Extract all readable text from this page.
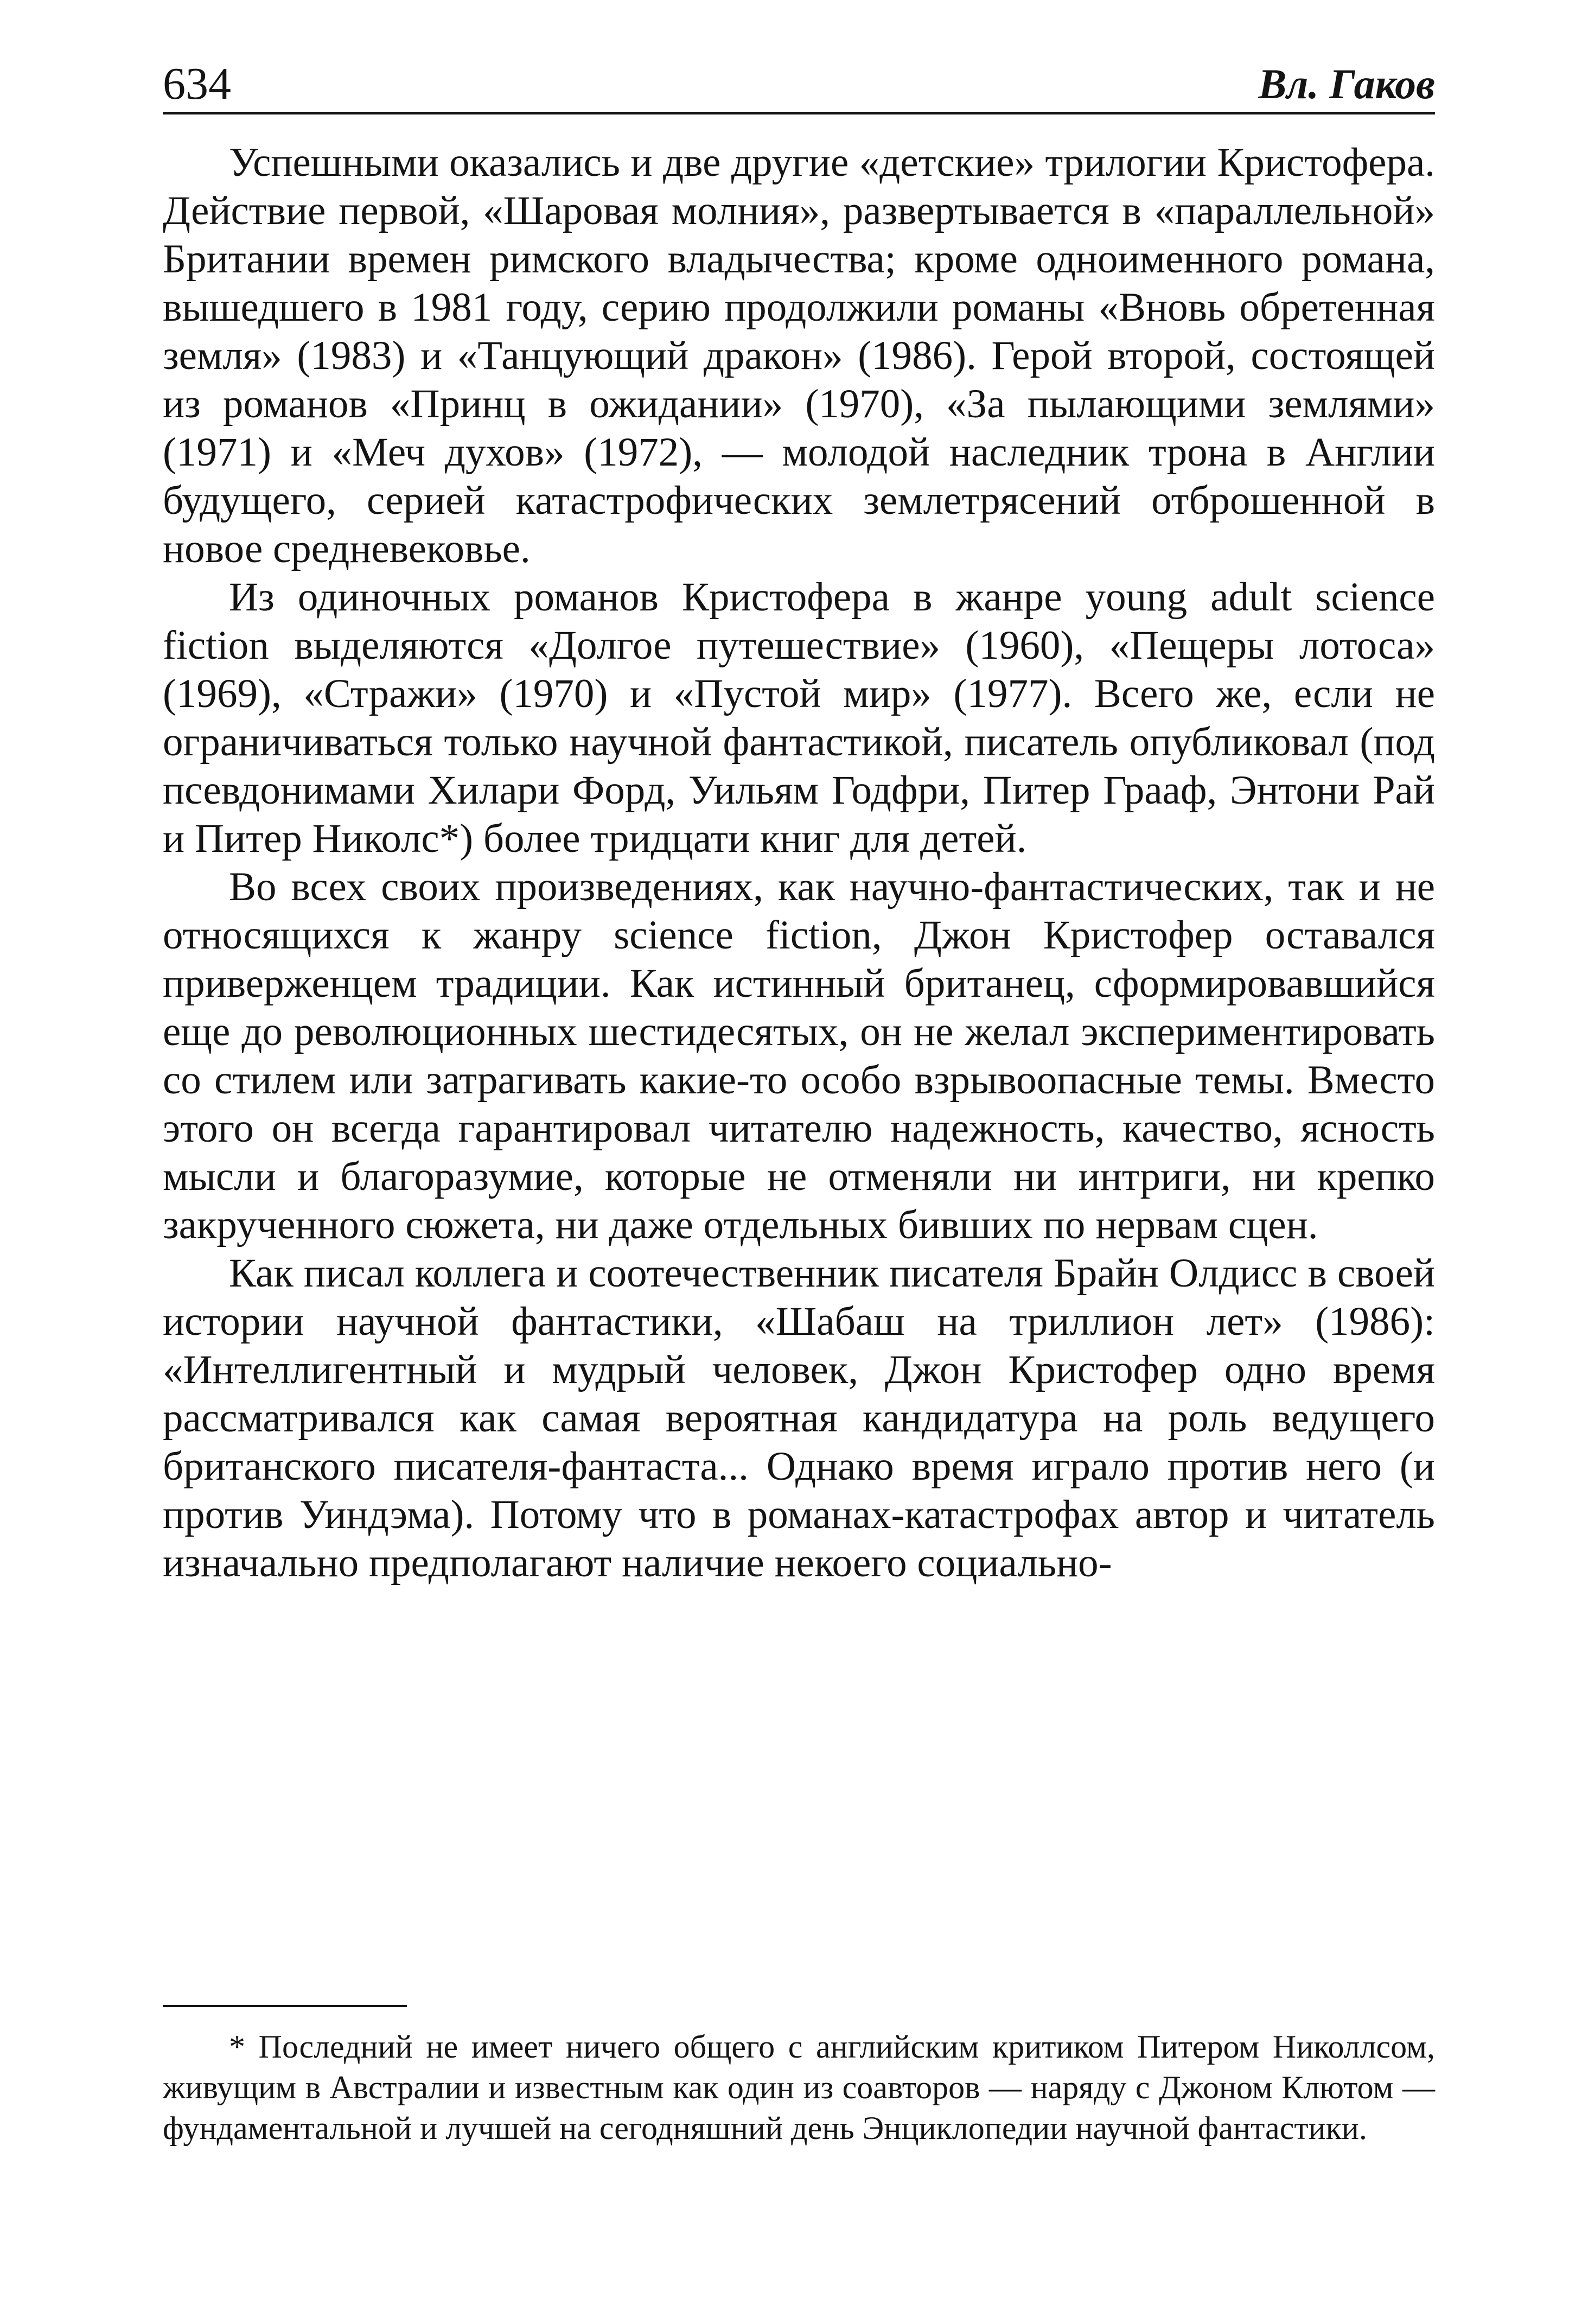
634	Вл. Гаков

Успешными оказались и две другие «детские» трилогии Кристофера. Действие первой, «Шаровая молния», развертывается в «параллельной» Британии времен римского владычества; кроме одноименного романа, вышедшего в 1981 году, серию продолжили романы «Вновь обретенная земля» (1983) и «Танцующий дракон» (1986). Герой второй, состоящей из романов «Принц в ожидании» (1970), «За пылающими землями» (1971) и «Меч духов» (1972), — молодой наследник трона в Англии будущего, серией катастрофических землетрясений отброшенной в новое средневековье.

Из одиночных романов Кристофера в жанре young adult science fiction выделяются «Долгое путешествие» (1960), «Пещеры лотоса» (1969), «Стражи» (1970) и «Пустой мир» (1977). Всего же, если не ограничиваться только научной фантастикой, писатель опубликовал (под псевдонимами Хилари Форд, Уильям Годфри, Питер Грааф, Энтони Рай и Питер Николс*) более тридцати книг для детей.

Во всех своих произведениях, как научно-фантастических, так и не относящихся к жанру science fiction, Джон Кристофер оставался приверженцем традиции. Как истинный британец, сформировавшийся еще до революционных шестидесятых, он не желал экспериментировать со стилем или затрагивать какие-то особо взрывоопасные темы. Вместо этого он всегда гарантировал читателю надежность, качество, ясность мысли и благоразумие, которые не отменяли ни интриги, ни крепко закрученного сюжета, ни даже отдельных бивших по нервам сцен.

Как писал коллега и соотечественник писателя Брайн Олдисс в своей истории научной фантастики, «Шабаш на триллион лет» (1986): «Интеллигентный и мудрый человек, Джон Кристофер одно время рассматривался как самая вероятная кандидатура на роль ведущего британского писателя-фантаста... Однако время играло против него (и против Уиндэма). Потому что в романах-катастрофах автор и читатель изначально предполагают наличие некоего социально-

* Последний не имеет ничего общего с английским критиком Питером Николлсом, живущим в Австралии и известным как один из соавторов — наряду с Джоном Клютом — фундаментальной и лучшей на сегодняшний день Энциклопедии научной фантастики.
